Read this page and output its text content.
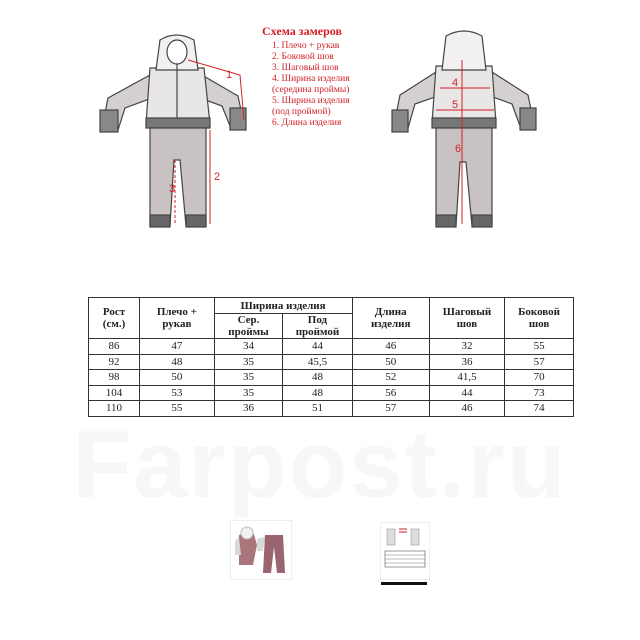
1
2
3
4
5
6
Схема замеров
1. Плечо + рукав
2. Боковой шов
3. Шаговый шов
4. Ширина изделия
(середина проймы)
5. Ширина изделия
(под проймой)
6. Длина изделия
Рост (см.)	Плечо + рукав	Ширина изделия		Длина изделия	Шаговый шов	Боковой шов
		Сер. проймы	Под проймой			
86	47	34	44	46	32	55
92	48	35	45,5	50	36	57
98	50	35	48	52	41,5	70
104	53	35	48	56	44	73
110	55	36	51	57	46	74
Farpost.ru
